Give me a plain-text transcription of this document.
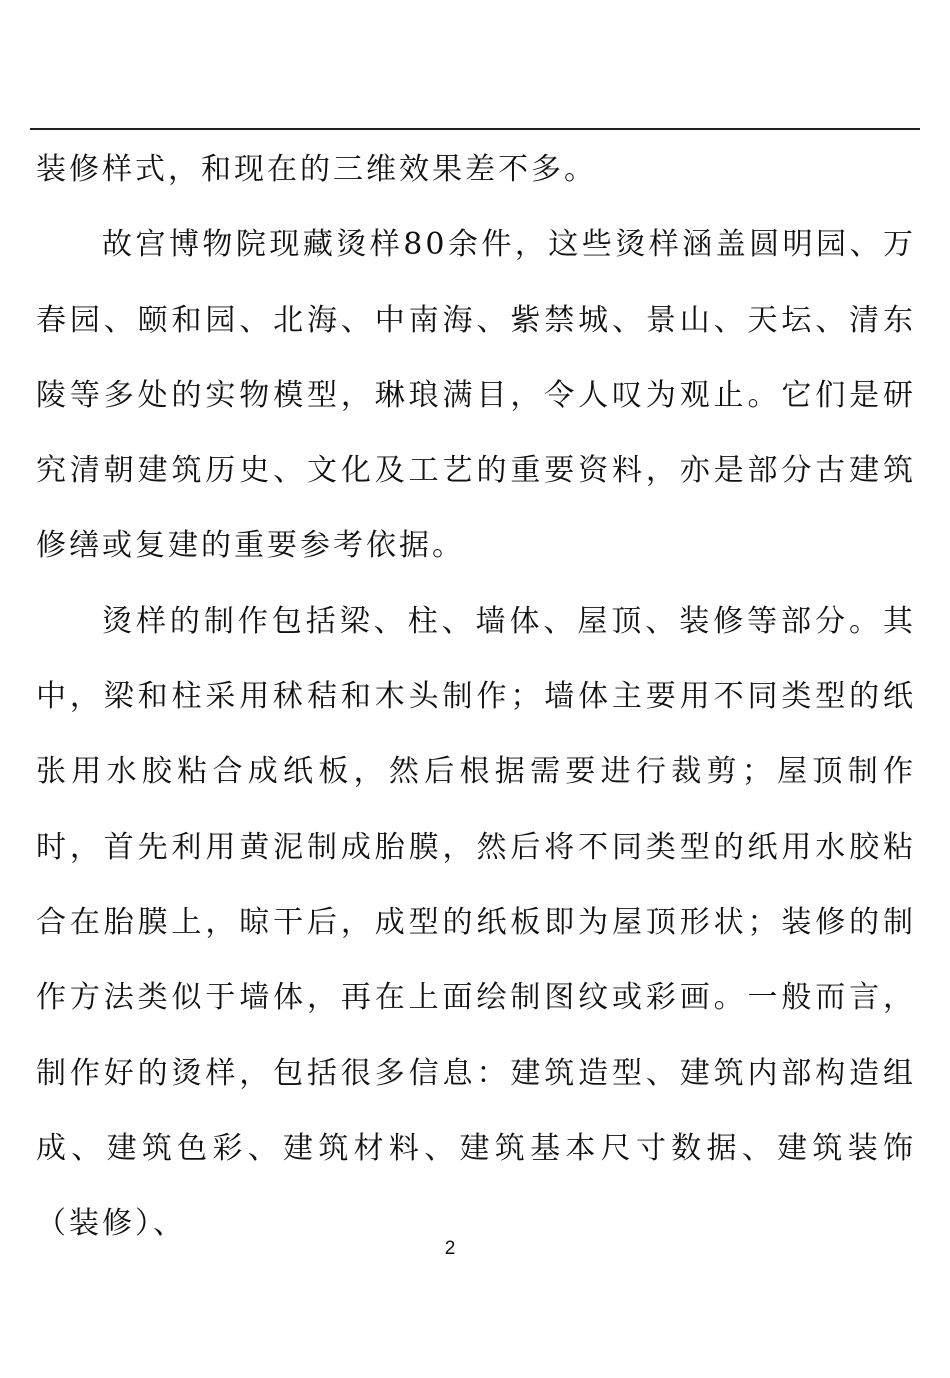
装修样式，和现在的三维效果差不多。

故宫博物院现藏烫样80余件，这些烫样涵盖圆明园、万春园、颐和园、北海、中南海、紫禁城、景山、天坛、清东陵等多处的实物模型，琳琅满目，令人叹为观止。它们是研究清朝建筑历史、文化及工艺的重要资料，亦是部分古建筑修缮或复建的重要参考依据。

烫样的制作包括梁、柱、墙体、屋顶、装修等部分。其中，梁和柱采用秫秸和木头制作；墙体主要用不同类型的纸张用水胶粘合成纸板，然后根据需要进行裁剪；屋顶制作时，首先利用黄泥制成胎膜，然后将不同类型的纸用水胶粘合在胎膜上，晾干后，成型的纸板即为屋顶形状；装修的制作方法类似于墙体，再在上面绘制图纹或彩画。一般而言，制作好的烫样，包括很多信息：建筑造型、建筑内部构造组成、建筑色彩、建筑材料、建筑基本尺寸数据、建筑装饰（装修）、

2
